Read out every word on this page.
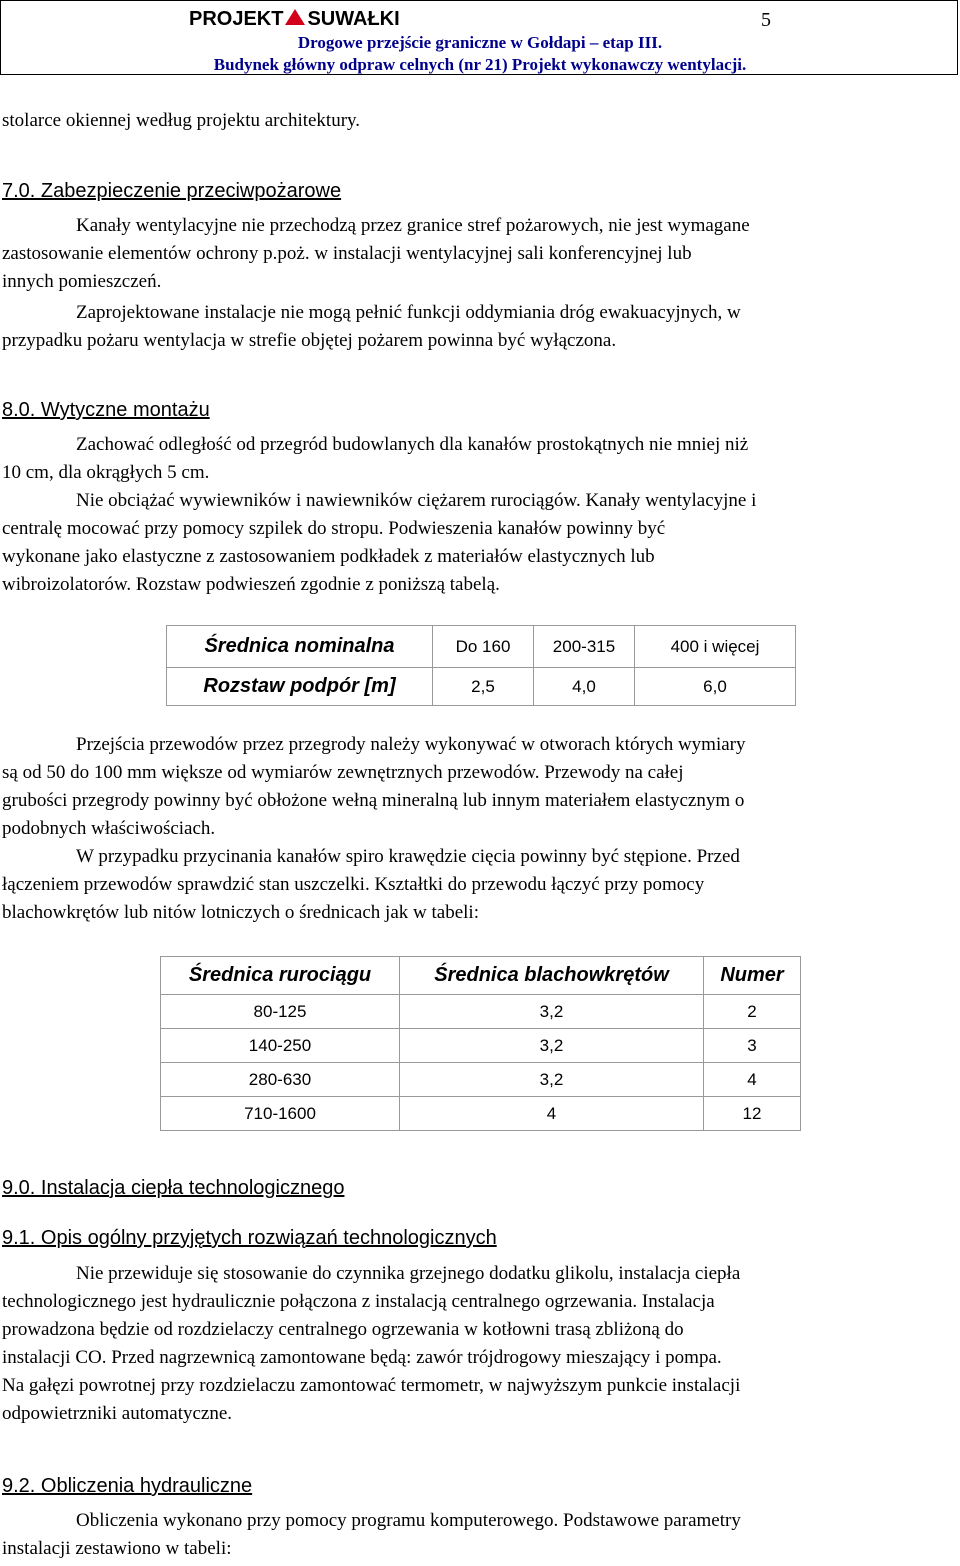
PROJEKT SUWAŁKI	5
Drogowe przejście graniczne w Gołdapi – etap III.
Budynek główny odpraw celnych (nr 21) Projekt wykonawczy wentylacji.
stolarce okiennej według projektu architektury.
7.0. Zabezpieczenie przeciwpożarowe
Kanały wentylacyjne nie przechodzą przez granice stref pożarowych, nie jest wymagane
zastosowanie elementów ochrony p.poż. w instalacji wentylacyjnej sali konferencyjnej lub
innych pomieszczeń.
Zaprojektowane instalacje nie mogą pełnić funkcji oddymiania dróg ewakuacyjnych, w
przypadku pożaru wentylacja w strefie objętej pożarem powinna być wyłączona.
8.0. Wytyczne montażu
Zachować odległość od przegród budowlanych dla kanałów prostokątnych nie mniej niż
10 cm, dla okrągłych 5 cm.
Nie obciążać wywiewników i nawiewników ciężarem rurociągów. Kanały wentylacyjne i
centralę mocować przy pomocy szpilek do stropu. Podwieszenia kanałów powinny być
wykonane jako elastyczne z zastosowaniem podkładek z materiałów elastycznych lub
wibroizolatorów. Rozstaw podwieszeń zgodnie z poniższą tabelą.
Średnica nominalna	Do 160	200-315	400 i więcej
Rozstaw podpór [m]	2,5	4,0	6,0
Przejścia przewodów przez przegrody należy wykonywać w otworach których wymiary
są od 50 do 100 mm większe od wymiarów zewnętrznych przewodów. Przewody na całej
grubości przegrody powinny być obłożone wełną mineralną lub innym materiałem elastycznym o
podobnych właściwościach.
W przypadku przycinania kanałów spiro krawędzie cięcia powinny być stępione. Przed
łączeniem przewodów sprawdzić stan uszczelki. Kształtki do przewodu łączyć przy pomocy
blachowkrętów lub nitów lotniczych o średnicach jak w tabeli:
Średnica rurociągu	Średnica blachowkrętów	Numer
80-125	3,2	2
140-250	3,2	3
280-630	3,2	4
710-1600	4	12
9.0. Instalacja ciepła technologicznego
9.1. Opis ogólny przyjętych rozwiązań technologicznych
Nie przewiduje się stosowanie do czynnika grzejnego dodatku glikolu, instalacja ciepła
technologicznego jest hydraulicznie połączona z instalacją centralnego ogrzewania. Instalacja
prowadzona będzie od rozdzielaczy centralnego ogrzewania w kotłowni trasą zbliżoną do
instalacji CO. Przed nagrzewnicą zamontowane będą: zawór trójdrogowy mieszający i pompa.
Na gałęzi powrotnej przy rozdzielaczu zamontować termometr, w najwyższym punkcie instalacji
odpowietrzniki automatyczne.
9.2. Obliczenia hydrauliczne
Obliczenia wykonano przy pomocy programu komputerowego. Podstawowe parametry
instalacji zestawiono w tabeli:
